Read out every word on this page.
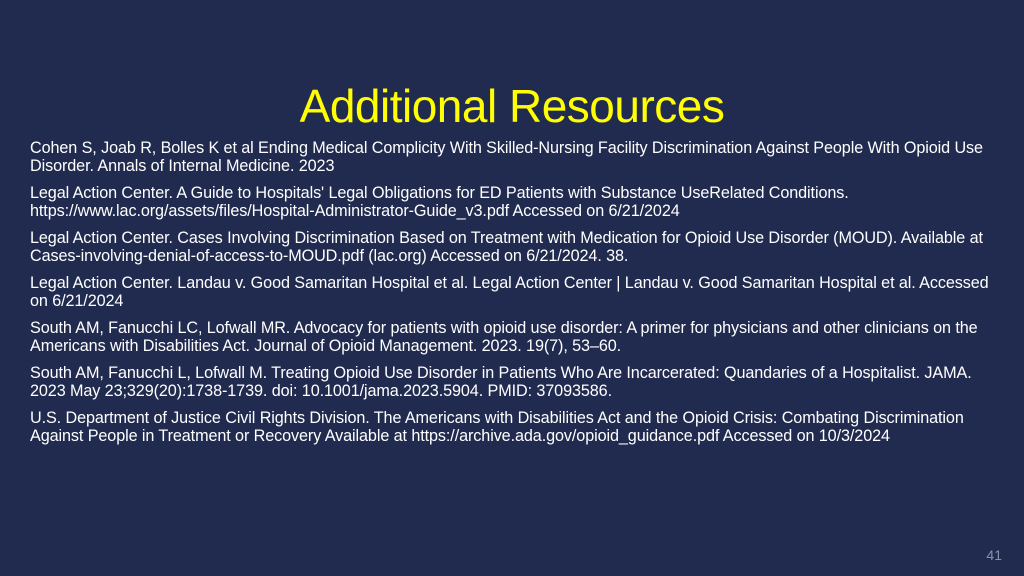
Additional Resources
Cohen S, Joab R, Bolles K et al Ending Medical Complicity With Skilled-Nursing Facility Discrimination Against People With Opioid Use Disorder. Annals of Internal Medicine. 2023
Legal Action Center. A Guide to Hospitals' Legal Obligations for ED Patients with Substance UseRelated Conditions. https://www.lac.org/assets/files/Hospital-Administrator-Guide_v3.pdf Accessed on 6/21/2024
Legal Action Center. Cases Involving Discrimination Based on Treatment with Medication for Opioid Use Disorder (MOUD). Available at Cases-involving-denial-of-access-to-MOUD.pdf (lac.org) Accessed on 6/21/2024. 38.
Legal Action Center. Landau v. Good Samaritan Hospital et al. Legal Action Center | Landau v. Good Samaritan Hospital et al. Accessed on 6/21/2024
South AM, Fanucchi LC, Lofwall MR. Advocacy for patients with opioid use disorder: A primer for physicians and other clinicians on the Americans with Disabilities Act. Journal of Opioid Management. 2023. 19(7), 53–60.
South AM, Fanucchi L, Lofwall M. Treating Opioid Use Disorder in Patients Who Are Incarcerated: Quandaries of a Hospitalist. JAMA. 2023 May 23;329(20):1738-1739. doi: 10.1001/jama.2023.5904. PMID: 37093586.
U.S. Department of Justice Civil Rights Division. The Americans with Disabilities Act and the Opioid Crisis: Combating Discrimination Against People in Treatment or Recovery Available at https://archive.ada.gov/opioid_guidance.pdf Accessed on 10/3/2024
41
